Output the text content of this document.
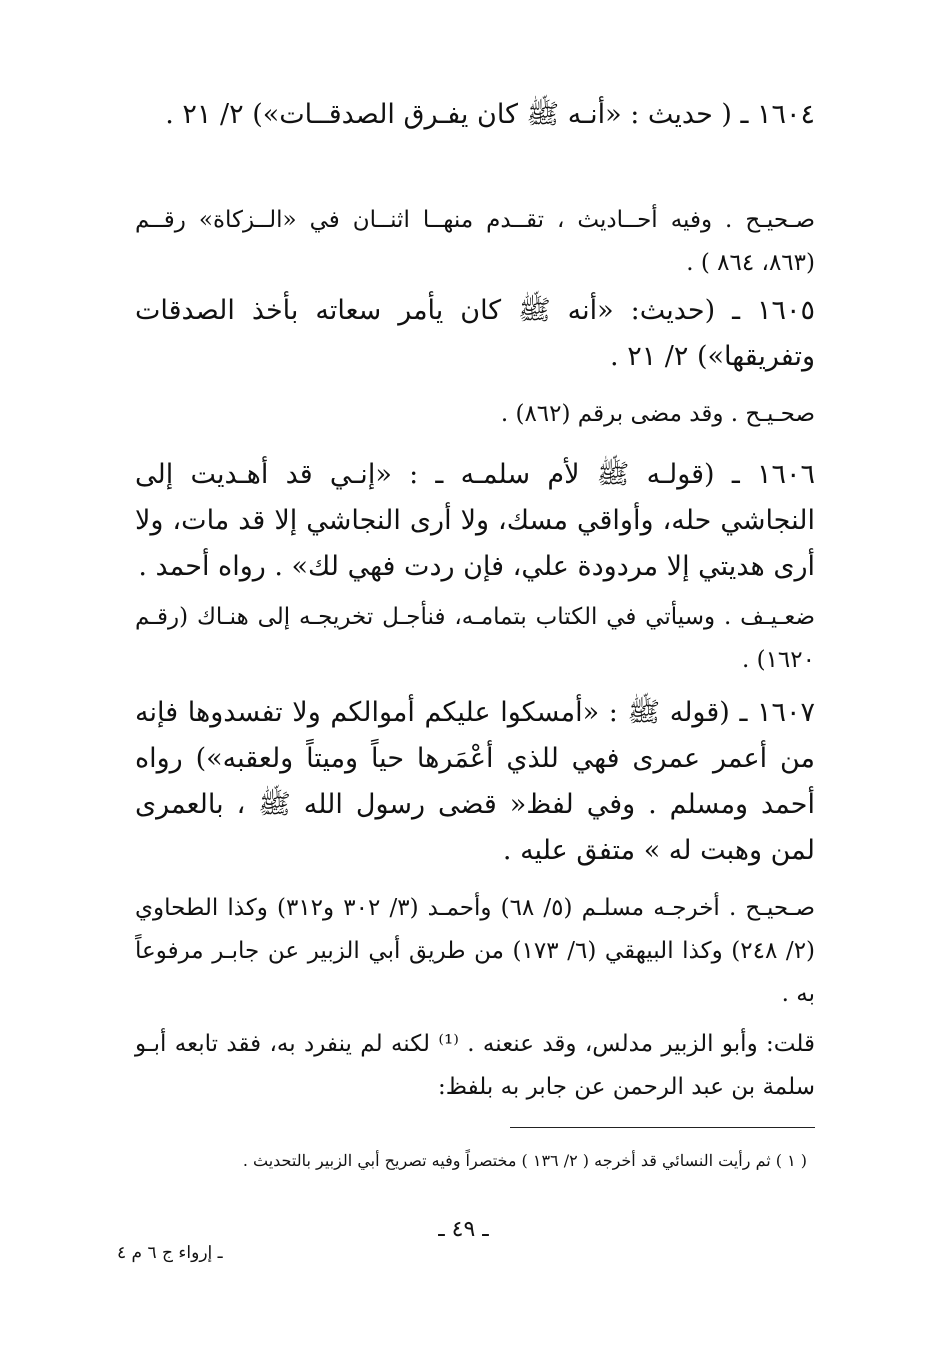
١٦٠٤ ـ ( حديث : «أنـه ﷺ كان يفـرق الصدقــات») ٢/ ٢١ .

صـحيـح . وفيه أحــاديث ، تقــدم منهــا اثنــان في «الــزكاة» رقــم (٨٦٣، ٨٦٤ ) .

١٦٠٥ ـ (حديث: «أنه ﷺ كان يأمر سعاته بأخذ الصدقات وتفريقها») ٢/ ٢١ .

صحـيـح . وقد مضى برقم (٨٦٢) .

١٦٠٦ ـ (قولـه ﷺ لأم سلمـه ـ : «إنـي قد أهـديت إلى النجاشي حله، وأواقي مسك، ولا أرى النجاشي إلا قد مات، ولا أرى هديتي إلا مردودة علي، فإن ردت فهي لك» . رواه أحمد .

ضعـيـف . وسيأتي في الكتاب بتمامـه، فنأجـل تخريجـه إلى هنـاك (رقـم ١٦٢٠) .

١٦٠٧ ـ (قوله ﷺ : «أمسكوا عليكم أموالكم ولا تفسدوها فإنه من أعمر عمرى فهي للذي أعْمَرها حياً وميتاً ولعقبه») رواه أحمد ومسلم . وفي لفظ« قضى رسول الله ﷺ ، بالعمرى لمن وهبت له » متفق عليه .

صـحيـح . أخرجـه مسلـم (٥/ ٦٨) وأحمـد (٣/ ٣٠٢ و٣١٢) وكذا الطحاوي (٢/ ٢٤٨) وكذا البيهقي (٦/ ١٧٣) من طريق أبي الزبير عن جابـر مرفوعاً به .

قلت: وأبو الزبير مدلس، وقد عنعنه . ⁽¹⁾ لكنه لم ينفرد به، فقد تابعه أبـو سلمة بن عبد الرحمن عن جابر به بلفظ:

( ١ ) ثم رأيت النسائي قد أخرجه ( ٢/ ١٣٦ ) مختصراً وفيه تصريح أبي الزبير بالتحديث .

ـ ٤٩ ـ
ـ إرواء ج ٦ م ٤
